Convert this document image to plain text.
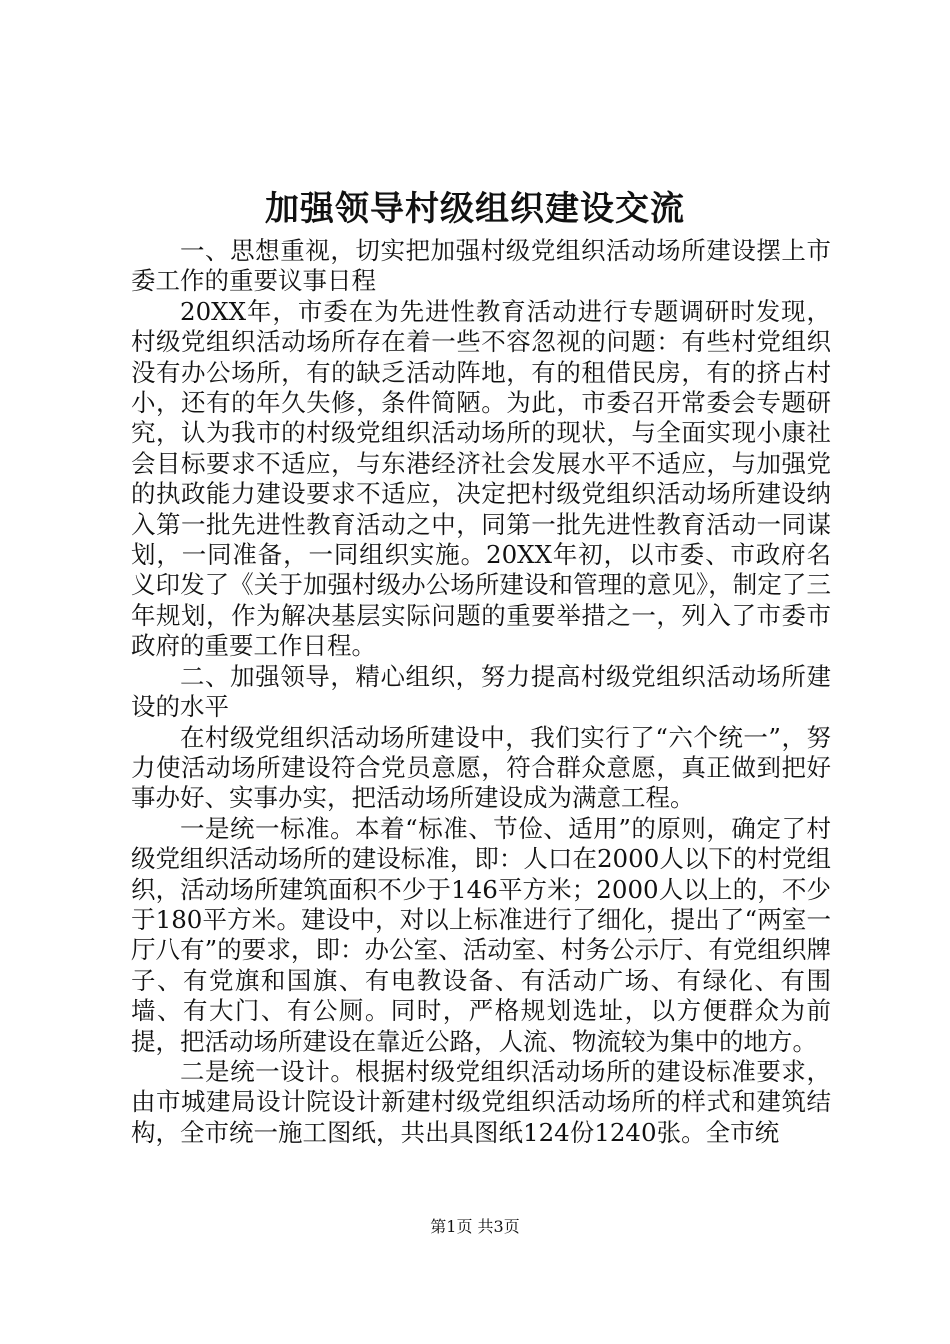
加强领导村级组织建设交流

一、思想重视，切实把加强村级党组织活动场所建设摆上市委工作的重要议事日程

20XX年，市委在为先进性教育活动进行专题调研时发现，村级党组织活动场所存在着一些不容忽视的问题：有些村党组织没有办公场所，有的缺乏活动阵地，有的租借民房，有的挤占村小，还有的年久失修，条件简陋。为此，市委召开常委会专题研究，认为我市的村级党组织活动场所的现状，与全面实现小康社会目标要求不适应，与东港经济社会发展水平不适应，与加强党的执政能力建设要求不适应，决定把村级党组织活动场所建设纳入第一批先进性教育活动之中，同第一批先进性教育活动一同谋划，一同准备，一同组织实施。20XX年初，以市委、市政府名义印发了《关于加强村级办公场所建设和管理的意见》，制定了三年规划，作为解决基层实际问题的重要举措之一，列入了市委市政府的重要工作日程。

二、加强领导，精心组织，努力提高村级党组织活动场所建设的水平

在村级党组织活动场所建设中，我们实行了“六个统一”，努力使活动场所建设符合党员意愿，符合群众意愿，真正做到把好事办好、实事办实，把活动场所建设成为满意工程。

一是统一标准。本着“标准、节俭、适用”的原则，确定了村级党组织活动场所的建设标准，即：人口在2000人以下的村党组织，活动场所建筑面积不少于146平方米；2000人以上的，不少于180平方米。建设中，对以上标准进行了细化，提出了“两室一厅八有”的要求，即：办公室、活动室、村务公示厅、有党组织牌子、有党旗和国旗、有电教设备、有活动广场、有绿化、有围墙、有大门、有公厕。同时，严格规划选址，以方便群众为前提，把活动场所建设在靠近公路，人流、物流较为集中的地方。

二是统一设计。根据村级党组织活动场所的建设标准要求，由市城建局设计院设计新建村级党组织活动场所的样式和建筑结构，全市统一施工图纸，共出具图纸124份1240张。全市统

第1页 共3页
